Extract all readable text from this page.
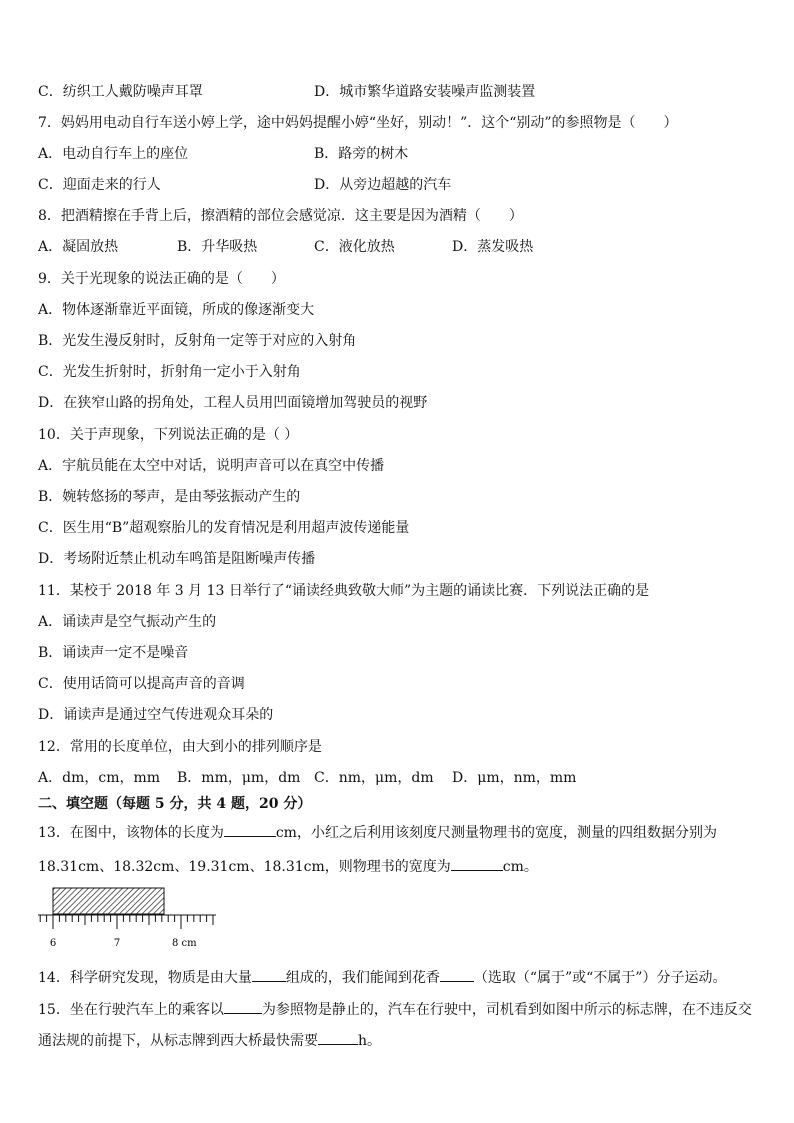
C．纺织工人戴防噪声耳罩	D．城市繁华道路安装噪声监测装置
7．妈妈用电动自行车送小婷上学，途中妈妈提醒小婷“坐好，别动！”．这个“别动”的参照物是（　　）
A．电动自行车上的座位	B．路旁的树木
C．迎面走来的行人	D．从旁边超越的汽车
8．把酒精擦在手背上后，擦酒精的部位会感觉凉．这主要是因为酒精（　　）
A．凝固放热	B．升华吸热	C．液化放热	D．蒸发吸热
9．关于光现象的说法正确的是（　　）
A．物体逐渐靠近平面镜，所成的像逐渐变大
B．光发生漫反射时，反射角一定等于对应的入射角
C．光发生折射时，折射角一定小于入射角
D．在狭窄山路的拐角处，工程人员用凹面镜增加驾驶员的视野
10．关于声现象，下列说法正确的是（ ）
A．宇航员能在太空中对话，说明声音可以在真空中传播
B．婉转悠扬的琴声，是由琴弦振动产生的
C．医生用“B”超观察胎儿的发育情况是利用超声波传递能量
D．考场附近禁止机动车鸣笛是阻断噪声传播
11．某校于 2018 年 3 月 13 日举行了“诵读经典致敬大师”为主题的诵读比赛．下列说法正确的是
A．诵读声是空气振动产生的
B．诵读声一定不是噪音
C．使用话筒可以提高声音的音调
D．诵读声是通过空气传进观众耳朵的
12．常用的长度单位，由大到小的排列顺序是
A．dm，cm，mm B．mm，μm，dm C．nm，μm，dm D．μm，nm，mm
二、填空题（每题 5 分，共 4 题，20 分）
13．在图中，该物体的长度为	cm，小红之后利用该刻度尺测量物理书的宽度，测量的四组数据分别为
18.31cm、18.32cm、19.31cm、18.31cm，则物理书的宽度为	cm。
6	7	8 cm
14．科学研究发现，物质是由大量 组成的，我们能闻到花香 （选取（“属于”或“不属于”）分子运动。
15．坐在行驶汽车上的乘客以	为参照物是静止的，汽车在行驶中，司机看到如图中所示的标志牌，在不违反交
通法规的前提下，从标志牌到西大桥最快需要	h。
